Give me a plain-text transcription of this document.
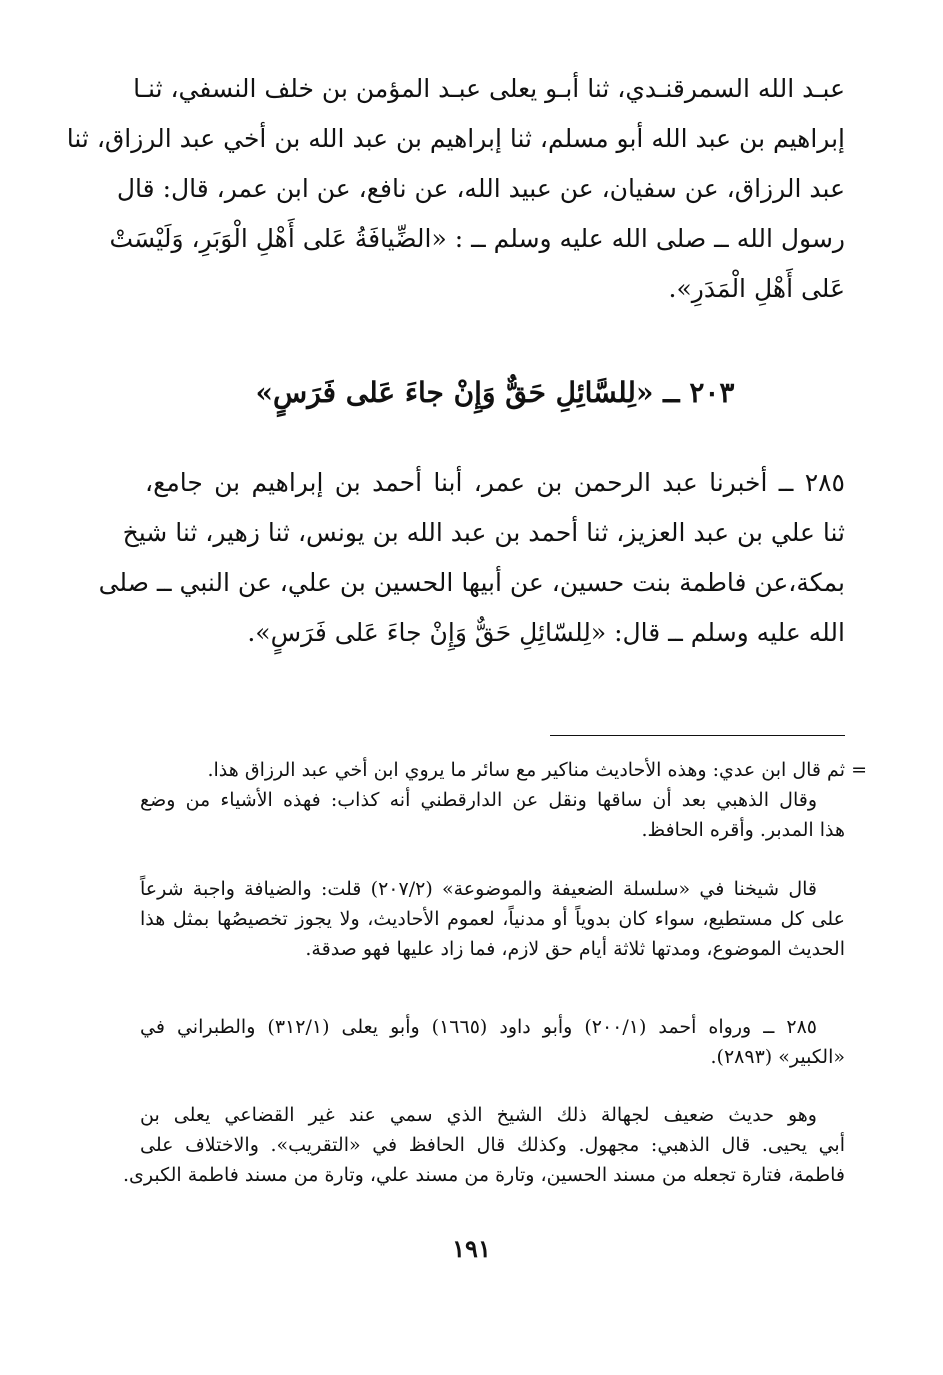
عبـد الله السمرقنـدي، ثنا أبـو يعلى عبـد المؤمن بن خلف النسفي، ثنـا
إبراهيم بن عبد الله أبو مسلم، ثنا إبراهيم بن عبد الله بن أخي عبد الرزاق، ثنا
عبد الرزاق، عن سفيان، عن عبيد الله، عن نافع، عن ابن عمر، قال: قال
رسول الله ــ صلى الله عليه وسلم ــ : «الضِّيافَةُ عَلى أَهْلِ الْوَبَرِ، وَلَيْسَتْ
عَلى أَهْلِ الْمَدَرِ».
٢٠٣ ــ «لِلسَّائِلِ حَقٌّ وَإِنْ جاءَ عَلى فَرَسٍ»
٢٨٥ ــ أخبرنا عبد الرحمن بن عمر، أبنا أحمد بن إبراهيم بن جامع،
ثنا علي بن عبد العزيز، ثنا أحمد بن عبد الله بن يونس، ثنا زهير، ثنا شيخ
بمكة،عن فاطمة بنت حسين، عن أبيها الحسين بن علي، عن النبي ــ صلى
الله عليه وسلم ــ قال: «لِلسّائِلِ حَقٌّ وَإِنْ جاءَ عَلى فَرَسٍ».
=
ثم قال ابن عدي: وهذه الأحاديث مناكير مع سائر ما يروي ابن أخي عبد الرزاق هذا.
وقال الذهبي بعد أن ساقها ونقل عن الدارقطني أنه كذاب: فهذه الأشياء من وضع
هذا المدبر. وأقره الحافظ.
قال شيخنا في «سلسلة الضعيفة والموضوعة» (٢٠٧/٢) قلت: والضيافة واجبة شرعاً
على كل مستطيع، سواء كان بدوياً أو مدنياً، لعموم الأحاديث، ولا يجوز تخصيصُها بمثل هذا
الحديث الموضوع، ومدتها ثلاثة أيام حق لازم، فما زاد عليها فهو صدقة.
٢٨٥ ــ ورواه أحمد (٢٠٠/١) وأبو داود (١٦٦٥) وأبو يعلى (٣١٢/١) والطبراني في
«الكبير» (٢٨٩٣).
وهو حديث ضعيف لجهالة ذلك الشيخ الذي سمي عند غير القضاعي يعلى بن
أبي يحيى. قال الذهبي: مجهول. وكذلك قال الحافظ في «التقريب». والاختلاف على
فاطمة، فتارة تجعله من مسند الحسين، وتارة من مسند علي، وتارة من مسند فاطمة الكبرى.
١٩١
